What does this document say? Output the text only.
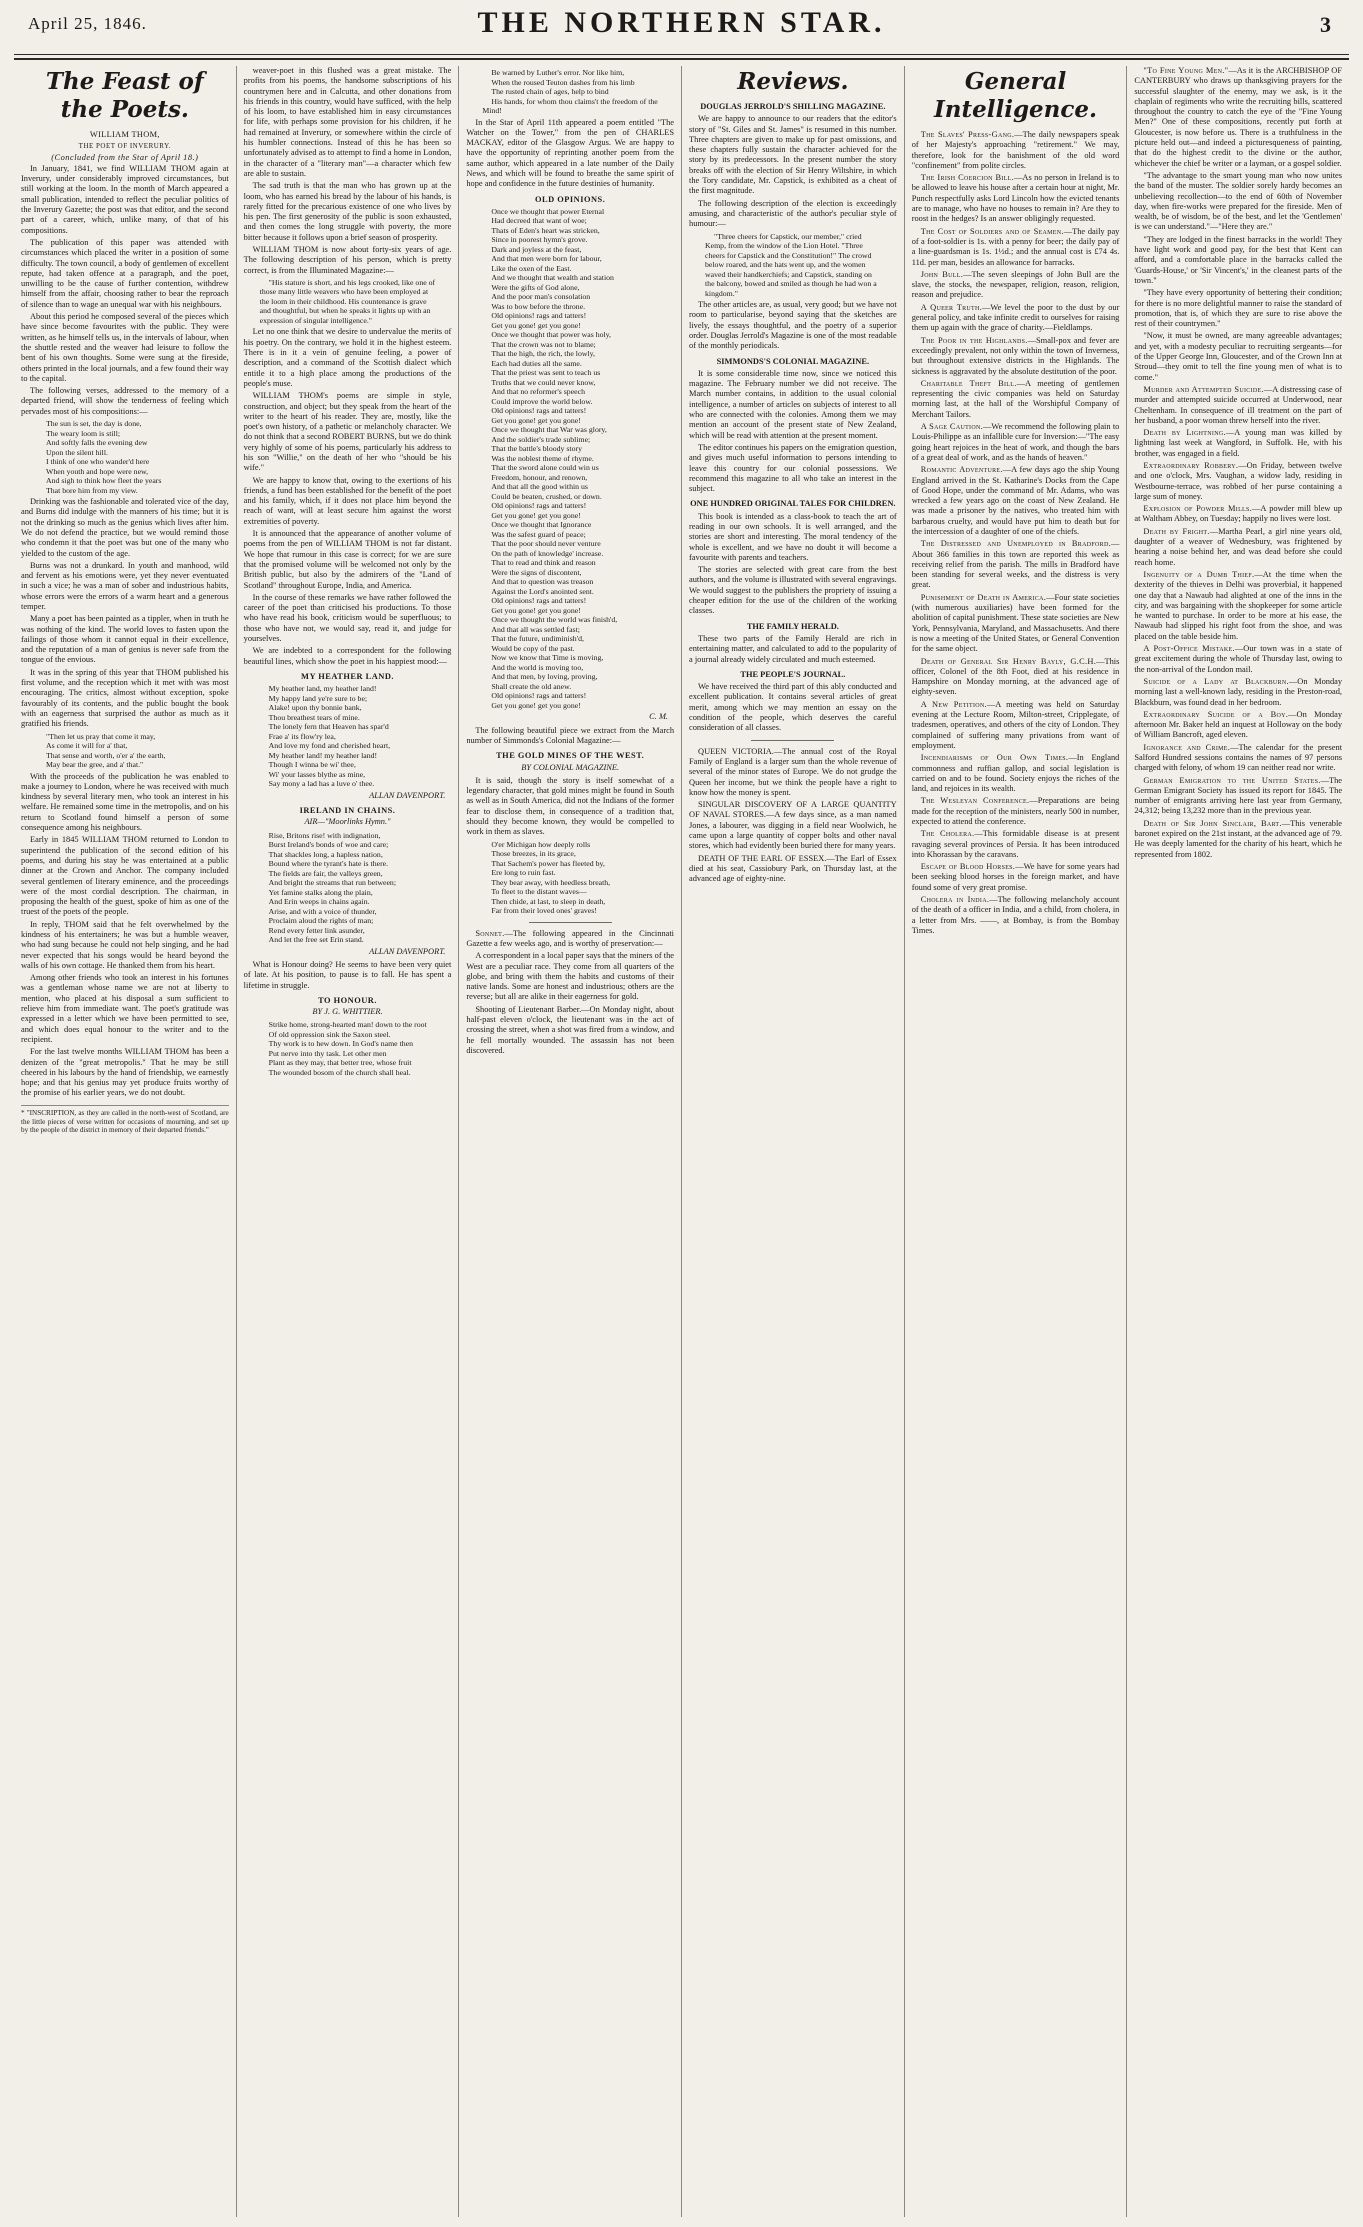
April 25, 1846.	THE NORTHERN STAR.	3
The Feast of the Poets.
WILLIAM THOM,
THE POET OF INVERURY.
(Concluded from the Star of April 18.)

In January, 1841, we find WILLIAM THOM again at Inverury, under considerably improved circumstances, but still working at the loom. In the month of March appeared a small publication, intended to reflect the peculiar politics of the Inverury Gazette; the post was that editor, and the second part of a career, which, unlike many, of that of his compositions.

The publication of this paper was attended with circumstances which placed the writer in a position of some difficulty. The town council, a body of gentlemen of excellent repute, had taken offence at a paragraph, and the poet, unwilling to be the cause of further contention, withdrew himself from the affair, choosing rather to bear the reproach of silence than to wage an unequal war with his neighbours.

About this period he composed several of the pieces which have since become favourites with the public. They were written, as he himself tells us, in the intervals of labour, when the shuttle rested and the weaver had leisure to follow the bent of his own thoughts. Some were sung at the fireside, others printed in the local journals, and a few found their way to the capital.

The following verses, addressed to the memory of a departed friend, will show the tenderness of feeling which pervades most of his compositions:—

The sun is set, the day is done,

The weary loom is still;

And softly falls the evening dew

Upon the silent hill.

I think of one who wander'd here

When youth and hope were new,

And sigh to think how fleet the years

That bore him from my view.

Drinking was the fashionable and tolerated vice of the day, and Burns did indulge with the manners of his time; but it is not the drinking so much as the genius which lives after him. We do not defend the practice, but we would remind those who condemn it that the poet was but one of the many who yielded to the custom of the age.

Burns was not a drunkard. In youth and manhood, wild and fervent as his emotions were, yet they never eventuated in such a vice; he was a man of sober and industrious habits, whose errors were the errors of a warm heart and a generous temper.

Many a poet has been painted as a tippler, when in truth he was nothing of the kind. The world loves to fasten upon the failings of those whom it cannot equal in their excellence, and the reputation of a man of genius is never safe from the tongue of the envious.

It was in the spring of this year that THOM published his first volume, and the reception which it met with was most encouraging. The critics, almost without exception, spoke favourably of its contents, and the public bought the book with an eagerness that surprised the author as much as it gratified his friends.

"Then let us pray that come it may,

As come it will for a' that,

That sense and worth, o'er a' the earth,

May bear the gree, and a' that."

With the proceeds of the publication he was enabled to make a journey to London, where he was received with much kindness by several literary men, who took an interest in his welfare. He remained some time in the metropolis, and on his return to Scotland found himself a person of some consequence among his neighbours.

Early in 1845 WILLIAM THOM returned to London to superintend the publication of the second edition of his poems, and during his stay he was entertained at a public dinner at the Crown and Anchor. The company included several gentlemen of literary eminence, and the proceedings were of the most cordial description. The chairman, in proposing the health of the guest, spoke of him as one of the truest of the poets of the people.

In reply, THOM said that he felt overwhelmed by the kindness of his entertainers; he was but a humble weaver, who had sung because he could not help singing, and he had never expected that his songs would be heard beyond the walls of his own cottage. He thanked them from his heart.

Among other friends who took an interest in his fortunes was a gentleman whose name we are not at liberty to mention, who placed at his disposal a sum sufficient to relieve him from immediate want. The poet's gratitude was expressed in a letter which we have been permitted to see, and which does equal honour to the writer and to the recipient.

For the last twelve months WILLIAM THOM has been a denizen of the "great metropolis." That he may be still cheered in his labours by the hand of friendship, we earnestly hope; and that his genius may yet produce fruits worthy of the promise of his earlier years, we do not doubt.

* "INSCRIPTION, as they are called in the north-west of Scotland, are the little pieces of verse written for occasions of mourning, and set up by the people of the district in memory of their departed friends."

weaver-poet in this flushed was a great mistake. The profits from his poems, the handsome subscriptions of his countrymen here and in Calcutta, and other donations from his friends in this country, would have sufficed, with the help of his loom, to have established him in easy circumstances for life, with perhaps some provision for his children, if he had remained at Inverury, or somewhere within the circle of his humbler connections. Instead of this he has been so unfortunately advised as to attempt to find a home in London, in the character of a "literary man"—a character which few are able to sustain.

The sad truth is that the man who has grown up at the loom, who has earned his bread by the labour of his hands, is rarely fitted for the precarious existence of one who lives by his pen. The first generosity of the public is soon exhausted, and then comes the long struggle with poverty, the more bitter because it follows upon a brief season of prosperity.

WILLIAM THOM is now about forty-six years of age. The following description of his person, which is pretty correct, is from the Illuminated Magazine:—

"His stature is short, and his legs crooked, like one of those many little weavers who have been employed at the loom in their childhood. His countenance is grave and thoughtful, but when he speaks it lights up with an expression of singular intelligence."

Let no one think that we desire to undervalue the merits of his poetry. On the contrary, we hold it in the highest esteem. There is in it a vein of genuine feeling, a power of description, and a command of the Scottish dialect which entitle it to a high place among the productions of the people's muse.

WILLIAM THOM's poems are simple in style, construction, and object; but they speak from the heart of the writer to the heart of his reader. They are, mostly, like the poet's own history, of a pathetic or melancholy character. We do not think that a second ROBERT BURNS, but we do think very highly of some of his poems, particularly his address to his son "Willie," on the death of her who "should be his wife."

We are happy to know that, owing to the exertions of his friends, a fund has been established for the benefit of the poet and his family, which, if it does not place him beyond the reach of want, will at least secure him against the worst extremities of poverty.

It is announced that the appearance of another volume of poems from the pen of WILLIAM THOM is not far distant. We hope that rumour in this case is correct; for we are sure that the promised volume will be welcomed not only by the British public, but also by the admirers of the "Land of Scotland" throughout Europe, India, and America.

In the course of these remarks we have rather followed the career of the poet than criticised his productions. To those who have read his book, criticism would be superfluous; to those who have not, we would say, read it, and judge for yourselves.

We are indebted to a correspondent for the following beautiful lines, which show the poet in his happiest mood:—

MY HEATHER LAND.

My heather land, my heather land!

My happy land ye're sure to be;

Alake! upon thy bonnie bank,

Thou breathest tears of mine.

The lonely fern that Heaven has spar'd

Frae a' its flow'ry lea,

And love my fond and cherished heart,

My heather land! my heather land!

Though I winna be wi' thee,

Wi' your lasses blythe as mine,

Say mony a lad has a luve o' thee.

ALLAN DAVENPORT.
IRELAND IN CHAINS.
AIR—"Moorlinks Hymn."

Rise, Britons rise! with indignation,

Burst Ireland's bonds of woe and care;

That shackles long, a hapless nation,

Bound where the tyrant's hate is there.

The fields are fair, the valleys green,

And bright the streams that run between;

Yet famine stalks along the plain,

And Erin weeps in chains again.

Arise, and with a voice of thunder,

Proclaim aloud the rights of man;

Rend every fetter link asunder,

And let the free set Erin stand.

ALLAN DAVENPORT.

What is Honour doing? He seems to have been very quiet of late. At his position, to pause is to fall. He has spent a lifetime in struggle.

TO HONOUR.
BY J. G. WHITTIER.

Strike home, strong-hearted man! down to the root

Of old oppression sink the Saxon steel.

Thy work is to hew down. In God's name then

Put nerve into thy task. Let other men

Plant as they may, that better tree, whose fruit

The wounded bosom of the church shall heal.

Be warned by Luther's error. Nor like him,

When the roused Teuton dashes from his limb

The rusted chain of ages, help to bind

His hands, for whom thou claims't the freedom of the Mind!

In the Star of April 11th appeared a poem entitled "The Watcher on the Tower," from the pen of CHARLES MACKAY, editor of the Glasgow Argus. We are happy to have the opportunity of reprinting another poem from the same author, which appeared in a late number of the Daily News, and which will be found to breathe the same spirit of hope and confidence in the future destinies of humanity.

OLD OPINIONS.

Once we thought that power Eternal

Had decreed that want of woe;

Thats of Eden's heart was stricken,

Since in poorest hymn's grove.

Dark and joyless at the feast,

And that men were born for labour,

Like the oxen of the East.

And we thought that wealth and station

Were the gifts of God alone,

And the poor man's consolation

Was to bow before the throne.

Old opinions! rags and tatters!

Get you gone! get you gone!

Once we thought that power was holy,

That the crown was not to blame;

That the high, the rich, the lowly,

Each had duties all the same.

That the priest was sent to teach us

Truths that we could never know,

And that no reformer's speech

Could improve the world below.

Old opinions! rags and tatters!

Get you gone! get you gone!

Once we thought that War was glory,

And the soldier's trade sublime;

That the battle's bloody story

Was the noblest theme of rhyme.

That the sword alone could win us

Freedom, honour, and renown,

And that all the good within us

Could be beaten, crushed, or down.

Old opinions! rags and tatters!

Get you gone! get you gone!

Once we thought that Ignorance

Was the safest guard of peace;

That the poor should never venture

On the path of knowledge' increase.

That to read and think and reason

Were the signs of discontent,

And that to question was treason

Against the Lord's anointed sent.

Old opinions! rags and tatters!

Get you gone! get you gone!

Once we thought the world was finish'd,

And that all was settled fast;

That the future, undiminish'd,

Would be copy of the past.

Now we know that Time is moving,

And the world is moving too,

And that men, by loving, proving,

Shall create the old anew.

Old opinions! rags and tatters!

Get you gone! get you gone!

C. M.

The following beautiful piece we extract from the March number of Simmonds's Colonial Magazine:—

THE GOLD MINES OF THE WEST.
BY COLONIAL MAGAZINE.

It is said, though the story is itself somewhat of a legendary character, that gold mines might be found in South as well as in South America, did not the Indians of the former fear to disclose them, in consequence of a tradition that, should they become known, they would be compelled to work in them as slaves.

O'er Michigan how deeply rolls

Those breezes, in its grace,

That Sachem's power has fleeted by,

Ere long to ruin fast.

They bear away, with heedless breath,

To fleet to the distant waves—

Then chide, at last, to sleep in death,

Far from their loved ones' graves!

Sonnet.—The following appeared in the Cincinnati Gazette a few weeks ago, and is worthy of preservation:—

A correspondent in a local paper says that the miners of the West are a peculiar race. They come from all quarters of the globe, and bring with them the habits and customs of their native lands. Some are honest and industrious; others are the reverse; but all are alike in their eagerness for gold.

Shooting of Lieutenant Barber.—On Monday night, about half-past eleven o'clock, the lieutenant was in the act of crossing the street, when a shot was fired from a window, and he fell mortally wounded. The assassin has not been discovered.

Reviews.
DOUGLAS JERROLD'S SHILLING MAGAZINE.

We are happy to announce to our readers that the editor's story of "St. Giles and St. James" is resumed in this number. Three chapters are given to make up for past omissions, and these chapters fully sustain the character achieved for the story by its predecessors. In the present number the story breaks off with the election of Sir Henry Wiltshire, in which the Tory candidate, Mr. Capstick, is exhibited as a cheat of the first magnitude.

The following description of the election is exceedingly amusing, and characteristic of the author's peculiar style of humour:—

"Three cheers for Capstick, our member," cried Kemp, from the window of the Lion Hotel. "Three cheers for Capstick and the Constitution!" The crowd below roared, and the hats went up, and the women waved their handkerchiefs; and Capstick, standing on the balcony, bowed and smiled as though he had won a kingdom."

The other articles are, as usual, very good; but we have not room to particularise, beyond saying that the sketches are lively, the essays thoughtful, and the poetry of a superior order. Douglas Jerrold's Magazine is one of the most readable of the monthly periodicals.

SIMMONDS'S COLONIAL MAGAZINE.

It is some considerable time now, since we noticed this magazine. The February number we did not receive. The March number contains, in addition to the usual colonial intelligence, a number of articles on subjects of interest to all who are connected with the colonies. Among them we may mention an account of the present state of New Zealand, which will be read with attention at the present moment.

The editor continues his papers on the emigration question, and gives much useful information to persons intending to leave this country for our colonial possessions. We recommend this magazine to all who take an interest in the subject.

ONE HUNDRED ORIGINAL TALES FOR CHILDREN.

This book is intended as a class-book to teach the art of reading in our own schools. It is well arranged, and the stories are short and interesting. The moral tendency of the whole is excellent, and we have no doubt it will become a favourite with parents and teachers.

The stories are selected with great care from the best authors, and the volume is illustrated with several engravings. We would suggest to the publishers the propriety of issuing a cheaper edition for the use of the children of the working classes.

THE FAMILY HERALD.

These two parts of the Family Herald are rich in entertaining matter, and calculated to add to the popularity of a journal already widely circulated and much esteemed.

THE PEOPLE'S JOURNAL.

We have received the third part of this ably conducted and excellent publication. It contains several articles of great merit, among which we may mention an essay on the condition of the people, which deserves the careful consideration of all classes.

QUEEN VICTORIA.—The annual cost of the Royal Family of England is a larger sum than the whole revenue of several of the minor states of Europe. We do not grudge the Queen her income, but we think the people have a right to know how the money is spent.

SINGULAR DISCOVERY OF A LARGE QUANTITY OF NAVAL STORES.—A few days since, as a man named Jones, a labourer, was digging in a field near Woolwich, he came upon a large quantity of copper bolts and other naval stores, which had evidently been buried there for many years.

DEATH OF THE EARL OF ESSEX.—The Earl of Essex died at his seat, Cassiobury Park, on Thursday last, at the advanced age of eighty-nine.

General Intelligence.

The Slaves' Press-Gang.—The daily newspapers speak of her Majesty's approaching "retirement." We may, therefore, look for the banishment of the old word "confinement" from polite circles.

The Irish Coercion Bill.—As no person in Ireland is to be allowed to leave his house after a certain hour at night, Mr. Punch respectfully asks Lord Lincoln how the evicted tenants are to manage, who have no houses to remain in? Are they to roost in the hedges? Is an answer obligingly requested.

The Cost of Soldiers and of Seamen.—The daily pay of a foot-soldier is 1s. with a penny for beer; the daily pay of a line-guardsman is 1s. 1½d.; and the annual cost is £74 4s. 11d. per man, besides an allowance for barracks.

John Bull.—The seven sleepings of John Bull are the slave, the stocks, the newspaper, religion, reason, religion, reason and prejudice.

A Queer Truth.—We level the poor to the dust by our general policy, and take infinite credit to ourselves for raising them up again with the grace of charity.—Fieldlamps.

The Poor in the Highlands.—Small-pox and fever are exceedingly prevalent, not only within the town of Inverness, but throughout extensive districts in the Highlands. The sickness is aggravated by the absolute destitution of the poor.

Charitable Theft Bill.—A meeting of gentlemen representing the civic companies was held on Saturday morning last, at the hall of the Worshipful Company of Merchant Tailors.

A Sage Caution.—We recommend the following plain to Louis-Philippe as an infallible cure for Inversion:—"The easy going heart rejoices in the heat of work, and though the bars of a great deal of work, and as the hands of heaven."

Romantic Adventure.—A few days ago the ship Young England arrived in the St. Katharine's Docks from the Cape of Good Hope, under the command of Mr. Adams, who was wrecked a few years ago on the coast of New Zealand. He was made a prisoner by the natives, who treated him with barbarous cruelty, and would have put him to death but for the intercession of a daughter of one of the chiefs.

The Distressed and Unemployed in Bradford.—About 366 families in this town are reported this week as receiving relief from the parish. The mills in Bradford have been standing for several weeks, and the distress is very great.

Punishment of Death in America.—Four state societies (with numerous auxiliaries) have been formed for the abolition of capital punishment. These state societies are New York, Pennsylvania, Maryland, and Massachusetts. And there is now a meeting of the United States, or General Convention for the same object.

Death of General Sir Henry Bayly, G.C.H.—This officer, Colonel of the 8th Foot, died at his residence in Hampshire on Monday morning, at the advanced age of eighty-seven.

A New Petition.—A meeting was held on Saturday evening at the Lecture Room, Milton-street, Cripplegate, of tradesmen, operatives, and others of the city of London. They complained of suffering many privations from want of employment.

Incendiarisms of Our Own Times.—In England commonness and ruffian gallop, and social legislation is carried on and to be found. Society enjoys the riches of the land, and rejoices in its wealth.

The Wesleyan Conference.—Preparations are being made for the reception of the ministers, nearly 500 in number, expected to attend the conference.

The Cholera.—This formidable disease is at present ravaging several provinces of Persia. It has been introduced into Khorassan by the caravans.

Escape of Blood Horses.—We have for some years had been seeking blood horses in the foreign market, and have found some of very great promise.

Cholera in India.—The following melancholy account of the death of a officer in India, and a child, from cholera, in a letter from Mrs. ——, at Bombay, is from the Bombay Times.

"To Fine Young Men."—As it is the ARCHBISHOP OF CANTERBURY who draws up thanksgiving prayers for the successful slaughter of the enemy, may we ask, is it the chaplain of regiments who write the recruiting bills, scattered throughout the country to catch the eye of the "Fine Young Men?" One of these compositions, recently put forth at Gloucester, is now before us. There is a truthfulness in the picture held out—and indeed a picturesqueness of painting, that do the highest credit to the divine or the author, whichever the chief be writer or a layman, or a gospel soldier.

"The advantage to the smart young man who now unites the band of the muster. The soldier sorely hardy becomes an unbelieving recollection—to the end of 60th of November day, when fire-works were prepared for the fireside. Men of wealth, be of wisdom, be of the best, and let the 'Gentlemen' is we can understand."—"Here they are."

"They are lodged in the finest barracks in the world! They have light work and good pay, for the best that Kent can afford, and a comfortable place in the barracks called the 'Guards-House,' or 'Sir Vincent's,' in the cleanest parts of the town."

"They have every opportunity of bettering their condition; for there is no more delightful manner to raise the standard of promotion, that is, of which they are sure to rise above the rest of their countrymen."

"Now, it must be owned, are many agreeable advantages; and yet, with a modesty peculiar to recruiting sergeants—for of the Upper George Inn, Gloucester, and of the Crown Inn at Stroud—they omit to tell the fine young men of what is to come."

Murder and Attempted Suicide.—A distressing case of murder and attempted suicide occurred at Underwood, near Cheltenham. In consequence of ill treatment on the part of her husband, a poor woman threw herself into the river.

Death by Lightning.—A young man was killed by lightning last week at Wangford, in Suffolk. He, with his brother, was engaged in a field.

Extraordinary Robbery.—On Friday, between twelve and one o'clock, Mrs. Vaughan, a widow lady, residing in Westbourne-terrace, was robbed of her purse containing a large sum of money.

Explosion of Powder Mills.—A powder mill blew up at Waltham Abbey, on Tuesday; happily no lives were lost.

Death by Fright.—Martha Pearl, a girl nine years old, daughter of a weaver of Wednesbury, was frightened by hearing a noise behind her, and was dead before she could reach home.

Ingenuity of a Dumb Thief.—At the time when the dexterity of the thieves in Delhi was proverbial, it happened one day that a Nawaub had alighted at one of the inns in the city, and was bargaining with the shopkeeper for some article he wanted to purchase. In order to be more at his ease, the Nawaub had slipped his right foot from the shoe, and was placed on the table beside him.

A Post-Office Mistake.—Our town was in a state of great excitement during the whole of Thursday last, owing to the non-arrival of the London mail.

Suicide of a Lady at Blackburn.—On Monday morning last a well-known lady, residing in the Preston-road, Blackburn, was found dead in her bedroom.

Extraordinary Suicide of a Boy.—On Monday afternoon Mr. Baker held an inquest at Holloway on the body of William Bancroft, aged eleven.

Ignorance and Crime.—The calendar for the present Salford Hundred sessions contains the names of 97 persons charged with felony, of whom 19 can neither read nor write.

German Emigration to the United States.—The German Emigrant Society has issued its report for 1845. The number of emigrants arriving here last year from Germany, 24,312; being 13,232 more than in the previous year.

Death of Sir John Sinclair, Bart.—This venerable baronet expired on the 21st instant, at the advanced age of 79. He was deeply lamented for the charity of his heart, which he represented from 1802.
